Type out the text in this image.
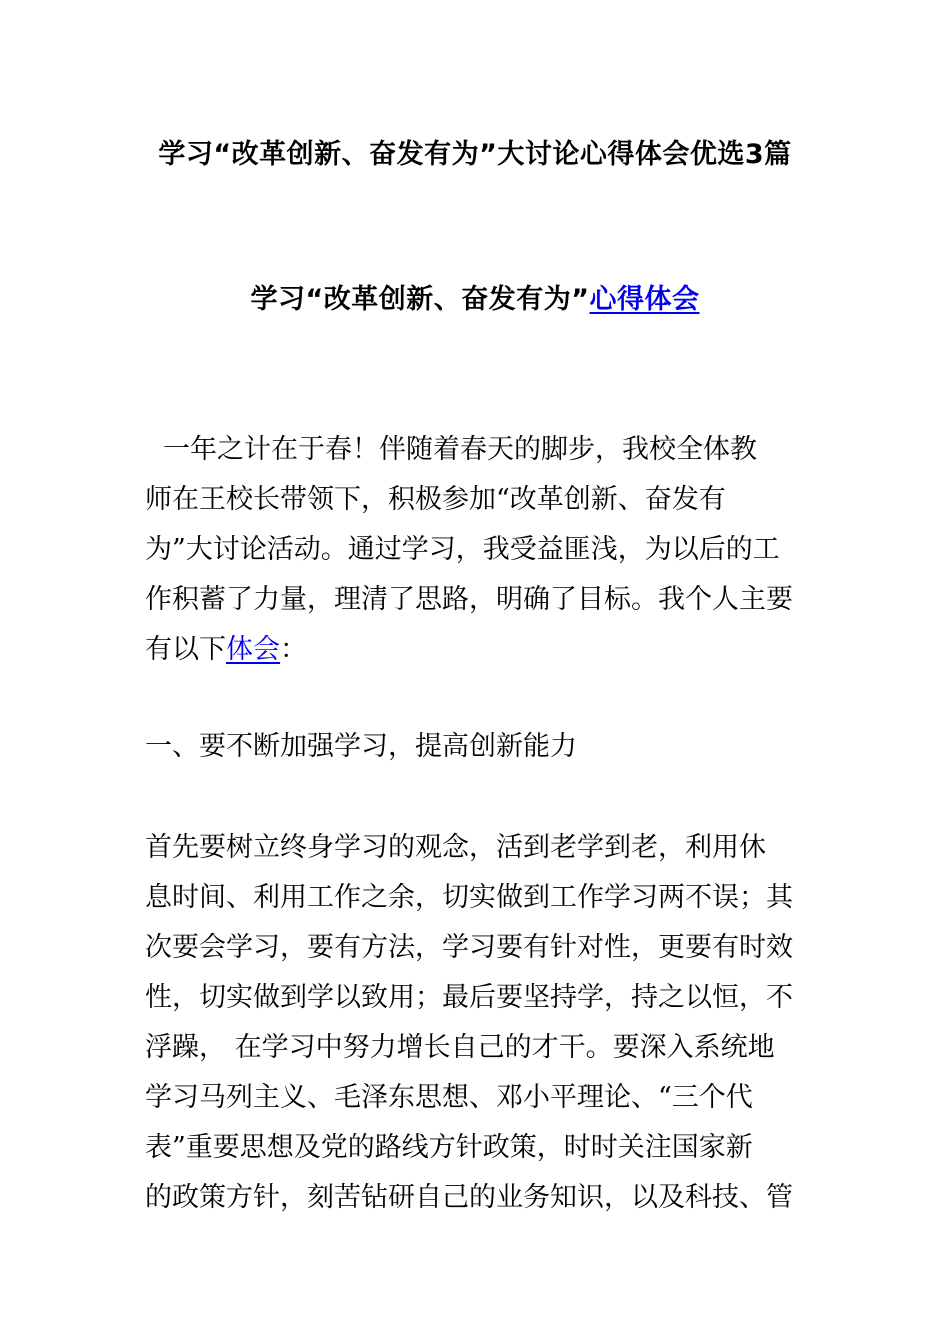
学习“改革创新、奋发有为”大讨论心得体会优选3篇
学习“改革创新、奋发有为”心得体会

一年之计在于春！伴随着春天的脚步，我校全体教
师在王校长带领下，积极参加“改革创新、奋发有
为”大讨论活动。通过学习，我受益匪浅，为以后的工
作积蓄了力量，理清了思路，明确了目标。我个人主要
有以下体会：

一、要不断加强学习，提高创新能力

首先要树立终身学习的观念，活到老学到老，利用休
息时间、利用工作之余，切实做到工作学习两不误；其
次要会学习，要有方法，学习要有针对性，更要有时效
性，切实做到学以致用；最后要坚持学，持之以恒，不
浮躁， 在学习中努力增长自己的才干。要深入系统地
学习马列主义、毛泽东思想、邓小平理论、“三个代
表”重要思想及党的路线方针政策，时时关注国家新
的政策方针，刻苦钻研自己的业务知识，以及科技、管
